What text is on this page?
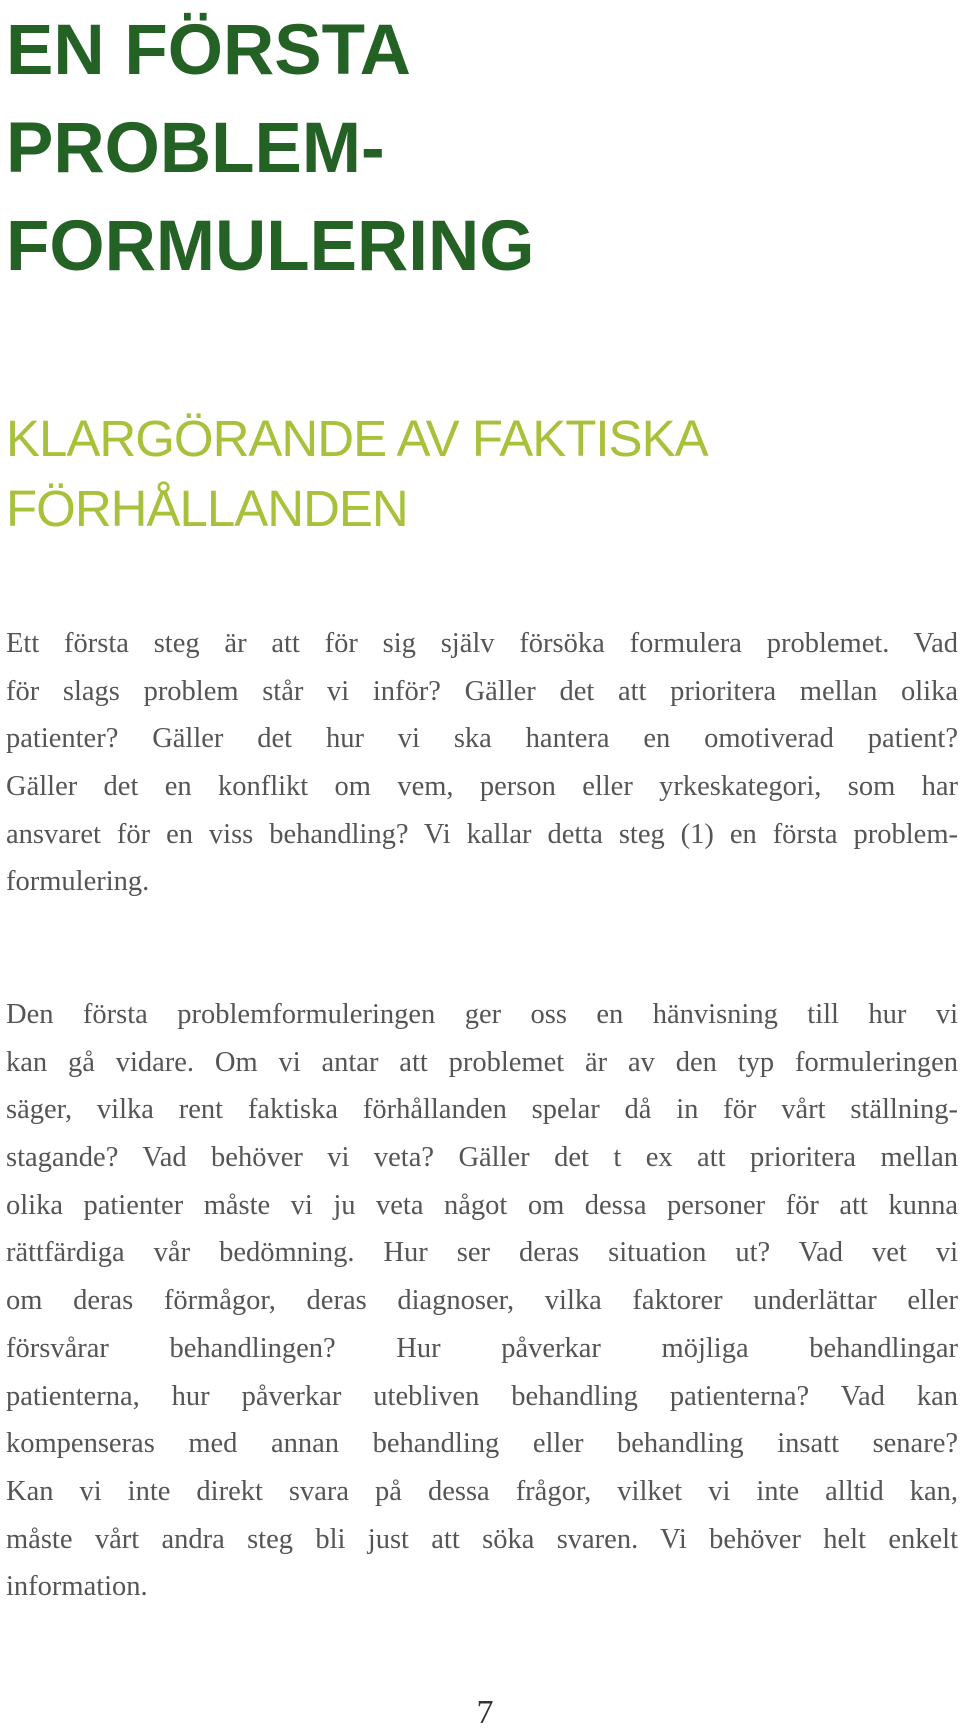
EN FÖRSTA
PROBLEM-
FORMULERING
KLARGÖRANDE AV FAKTISKA
FÖRHÅLLANDEN

Ett första steg är att för sig själv försöka formulera problemet. Vad
för slags problem står vi inför? Gäller det att prioritera mellan olika
patienter? Gäller det hur vi ska hantera en omotiverad patient?
Gäller det en konflikt om vem, person eller yrkeskategori, som har
ansvaret för en viss behandling? Vi kallar detta steg (1) en första problem-
formulering.

Den första problemformuleringen ger oss en hänvisning till hur vi
kan gå vidare. Om vi antar att problemet är av den typ formuleringen
säger, vilka rent faktiska förhållanden spelar då in för vårt ställning-
stagande? Vad behöver vi veta? Gäller det t ex att prioritera mellan
olika patienter måste vi ju veta något om dessa personer för att kunna
rättfärdiga vår bedömning. Hur ser deras situation ut? Vad vet vi
om deras förmågor, deras diagnoser, vilka faktorer underlättar eller
försvårar behandlingen? Hur påverkar möjliga behandlingar
patienterna, hur påverkar utebliven behandling patienterna? Vad kan
kompenseras med annan behandling eller behandling insatt senare?
Kan vi inte direkt svara på dessa frågor, vilket vi inte alltid kan,
måste vårt andra steg bli just att söka svaren. Vi behöver helt enkelt
information.

7
